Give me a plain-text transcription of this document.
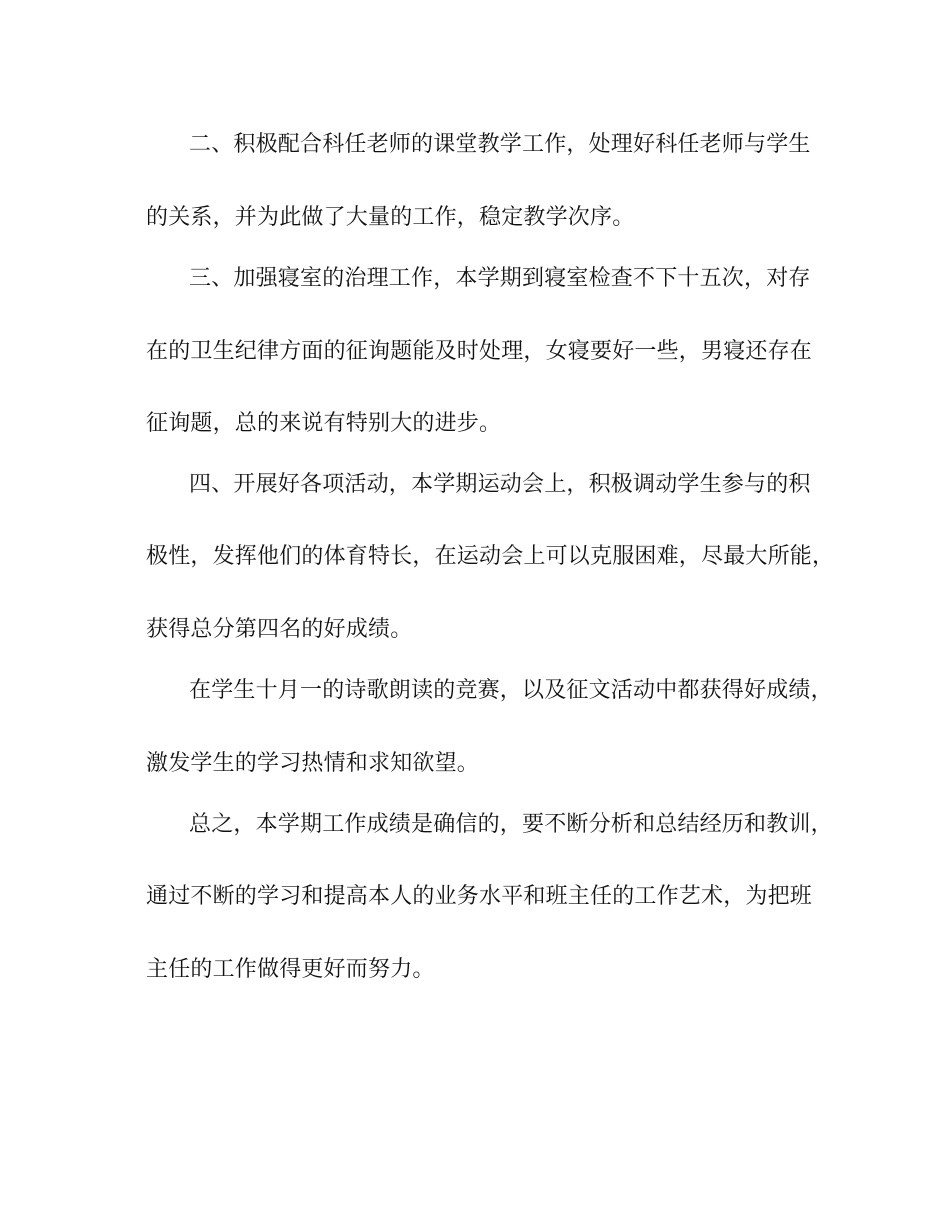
二、积极配合科任老师的课堂教学工作，处理好科任老师与学生
的关系，并为此做了大量的工作，稳定教学次序。
三、加强寝室的治理工作，本学期到寝室检查不下十五次，对存
在的卫生纪律方面的征询题能及时处理，女寝要好一些，男寝还存在
征询题，总的来说有特别大的进步。
四、开展好各项活动，本学期运动会上，积极调动学生参与的积
极性，发挥他们的体育特长，在运动会上可以克服困难，尽最大所能，
获得总分第四名的好成绩。
在学生十月一的诗歌朗读的竞赛，以及征文活动中都获得好成绩，
激发学生的学习热情和求知欲望。
总之，本学期工作成绩是确信的，要不断分析和总结经历和教训，
通过不断的学习和提高本人的业务水平和班主任的工作艺术，为把班
主任的工作做得更好而努力。
